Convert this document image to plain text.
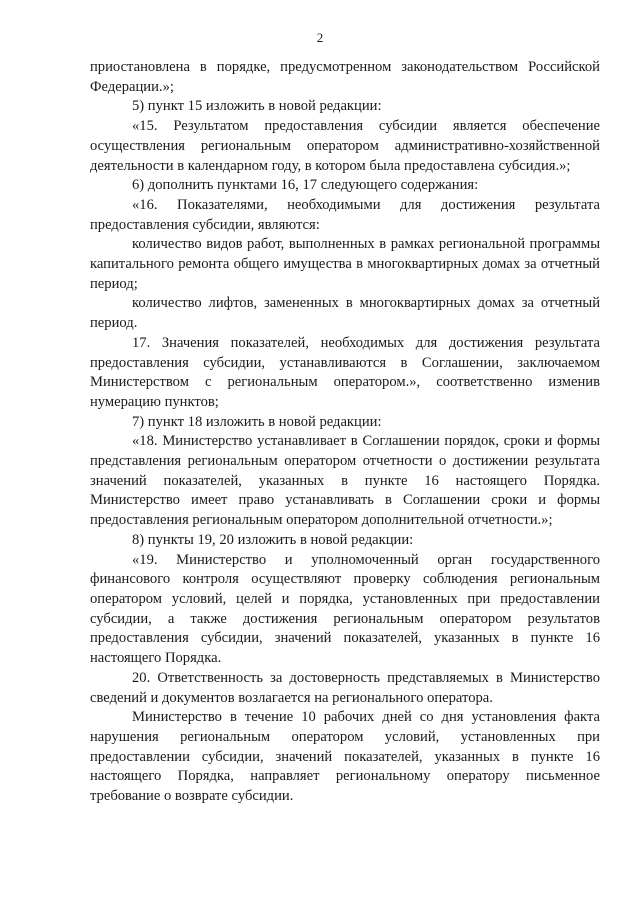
2

приостановлена в порядке, предусмотренном законодательством Российской Федерации.»;

5) пункт 15 изложить в новой редакции:

«15. Результатом предоставления субсидии является обеспечение осуществления региональным оператором административно-хозяйственной деятельности в календарном году, в котором была предоставлена субсидия.»;

6) дополнить пунктами 16, 17 следующего содержания:

«16. Показателями, необходимыми для достижения результата предоставления субсидии, являются:

количество видов работ, выполненных в рамках региональной программы капитального ремонта общего имущества в многоквартирных домах за отчетный период;

количество лифтов, замененных в многоквартирных домах за отчетный период.

17. Значения показателей, необходимых для достижения результата предоставления субсидии, устанавливаются в Соглашении, заключаемом Министерством с региональным оператором.», соответственно изменив нумерацию пунктов;

7) пункт 18 изложить в новой редакции:

«18. Министерство устанавливает в Соглашении порядок, сроки и формы представления региональным оператором отчетности о достижении результата значений показателей, указанных в пункте 16 настоящего Порядка. Министерство имеет право устанавливать в Соглашении сроки и формы предоставления региональным оператором дополнительной отчетности.»;

8) пункты 19, 20 изложить в новой редакции:

«19. Министерство и уполномоченный орган государственного финансового контроля осуществляют проверку соблюдения региональным оператором условий, целей и порядка, установленных при предоставлении субсидии, а также достижения региональным оператором результатов предоставления субсидии, значений показателей, указанных в пункте 16 настоящего Порядка.

20. Ответственность за достоверность представляемых в Министерство сведений и документов возлагается на регионального оператора.

Министерство в течение 10 рабочих дней со дня установления факта нарушения региональным оператором условий, установленных при предоставлении субсидии, значений показателей, указанных в пункте 16 настоящего Порядка, направляет региональному оператору письменное требование о возврате субсидии.
